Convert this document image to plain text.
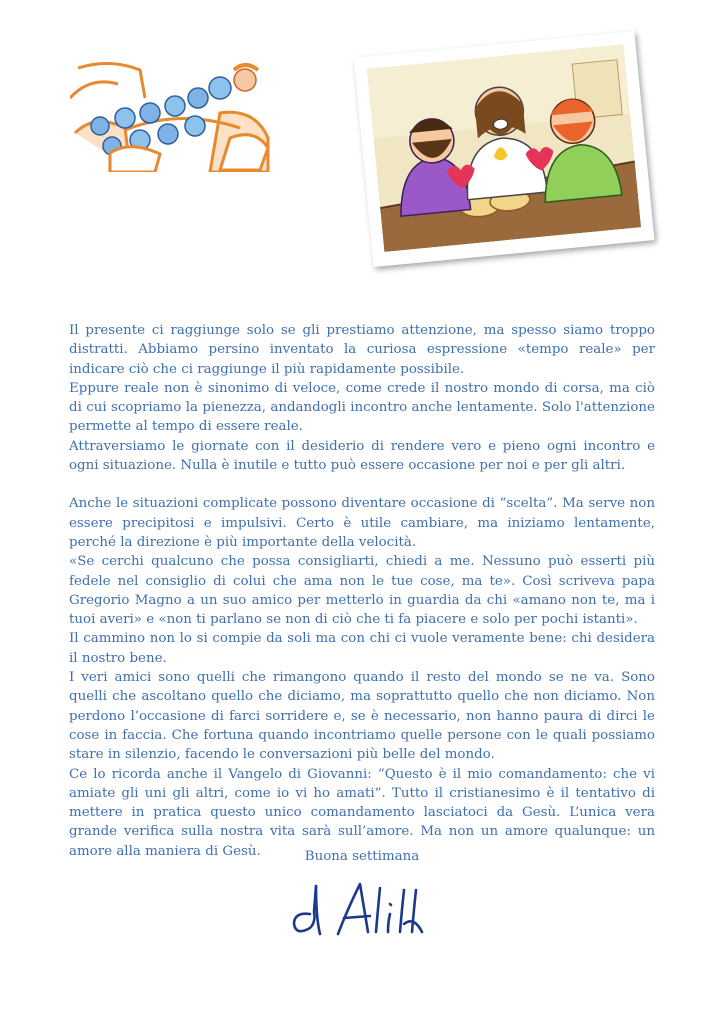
Il presente ci raggiunge solo se gli prestiamo attenzione, ma spesso siamo troppo distratti. Abbiamo persino inventato la curiosa espressione «tempo reale» per indicare ciò che ci raggiunge il più rapidamente possibile.

Eppure reale non è sinonimo di veloce, come crede il nostro mondo di corsa, ma ciò di cui scopriamo la pienezza, andandogli incontro anche lentamente. Solo l'attenzione permette al tempo di essere reale.

Attraversiamo le giornate con il desiderio di rendere vero e pieno ogni incontro e ogni situazione. Nulla è inutile e tutto può essere occasione per noi e per gli altri.

Anche le situazioni complicate possono diventare occasione di “scelta”. Ma serve non essere precipitosi e impulsivi. Certo è utile cambiare, ma iniziamo lentamente, perché la direzione è più importante della velocità.

«Se cerchi qualcuno che possa consigliarti, chiedi a me. Nessuno può esserti più fedele nel consiglio di colui che ama non le tue cose, ma te». Così scriveva papa Gregorio Magno a un suo amico per metterlo in guardia da chi «amano non te, ma i tuoi averi» e «non ti parlano se non di ciò che ti fa piacere e solo per pochi istanti».

Il cammino non lo si compie da soli ma con chi ci vuole veramente bene: chi desidera il nostro bene.

I veri amici sono quelli che rimangono quando il resto del mondo se ne va. Sono quelli che ascoltano quello che diciamo, ma soprattutto quello che non diciamo. Non perdono l’occasione di farci sorridere e, se è necessario, non hanno paura di dirci le cose in faccia. Che fortuna quando incontriamo quelle persone con le quali possiamo stare in silenzio, facendo le conversazioni più belle del mondo.

Ce lo ricorda anche il Vangelo di Giovanni: “Questo è il mio comandamento: che vi amiate gli uni gli altri, come io vi ho amati”. Tutto il cristianesimo è il tentativo di mettere in pratica questo unico comandamento lasciatoci da Gesù. L’unica vera grande verifica sulla nostra vita sarà sull’amore. Ma non un amore qualunque: un amore alla maniera di Gesù.	Buona settimana
